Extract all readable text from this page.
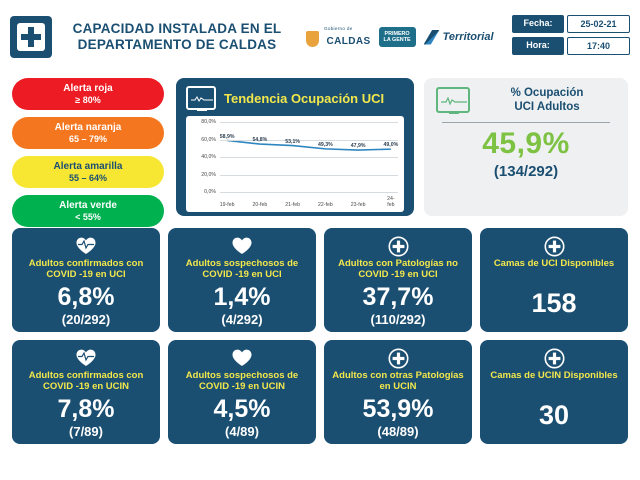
CAPACIDAD INSTALADA EN EL
DEPARTAMENTO DE CALDAS
Gobierno de
CALDAS
PRIMERO
LA GENTE	Territorial
Fecha:	25-02-21
Hora:	17:40
Alerta roja
≥ 80%
Alerta naranja
65 – 79%
Alerta amarilla
55 – 64%
Alerta verde
< 55%
Tendencia Ocupación UCI
58,9%
54,8%	53,1%
49,3%	47,9%	49,0%
0,0%
20,0%
40,0%
60,0%
80,0%
19-feb	20-feb	21-feb	22-feb	23-feb
24-feb
% Ocupación
UCI Adultos
45,9%
(134/292)
Adultos confirmados con COVID -19 en UCI
6,8%
(20/292)
Adultos sospechosos de COVID -19 en UCI
1,4%
(4/292)
Adultos con Patologías no COVID -19 en UCI
37,7%
(110/292)
Camas de UCI Disponibles
158
Adultos confirmados con COVID -19 en UCIN
7,8%
(7/89)
Adultos sospechosos de COVID -19 en UCIN
4,5%
(4/89)
Adultos con otras Patologías en UCIN
53,9%
(48/89)
Camas de UCIN Disponibles
30
